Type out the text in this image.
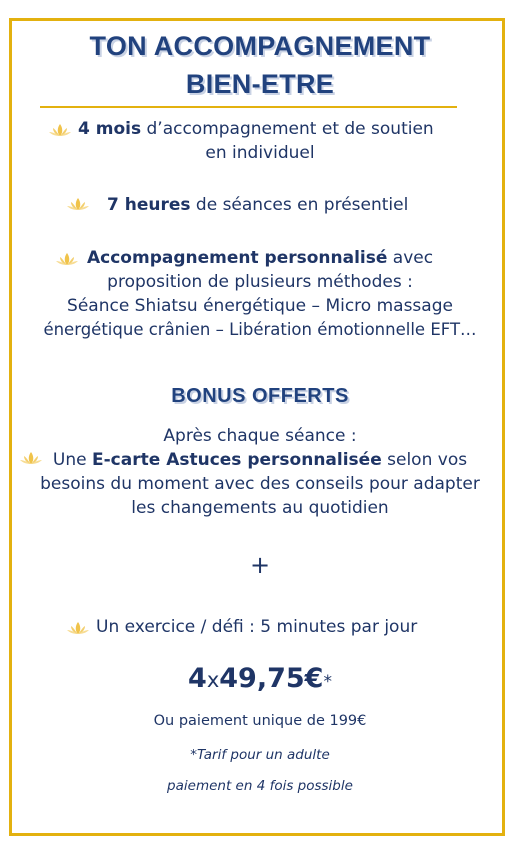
TON ACCOMPAGNEMENT
BIEN-ETRE
4 mois d’accompagnement et de soutien
en individuel
7 heures de séances en présentiel
Accompagnement personnalisé avec
proposition de plusieurs méthodes :
Séance Shiatsu énergétique – Micro massage
énergétique crânien – Libération émotionnelle EFT…
BONUS OFFERTS
Après chaque séance :
Une E-carte Astuces personnalisée selon vos
besoins du moment avec des conseils pour adapter
les changements au quotidien
+
Un exercice / défi : 5 minutes par jour
4x49,75€*
Ou paiement unique de 199€
*Tarif pour un adulte
paiement en 4 fois possible
